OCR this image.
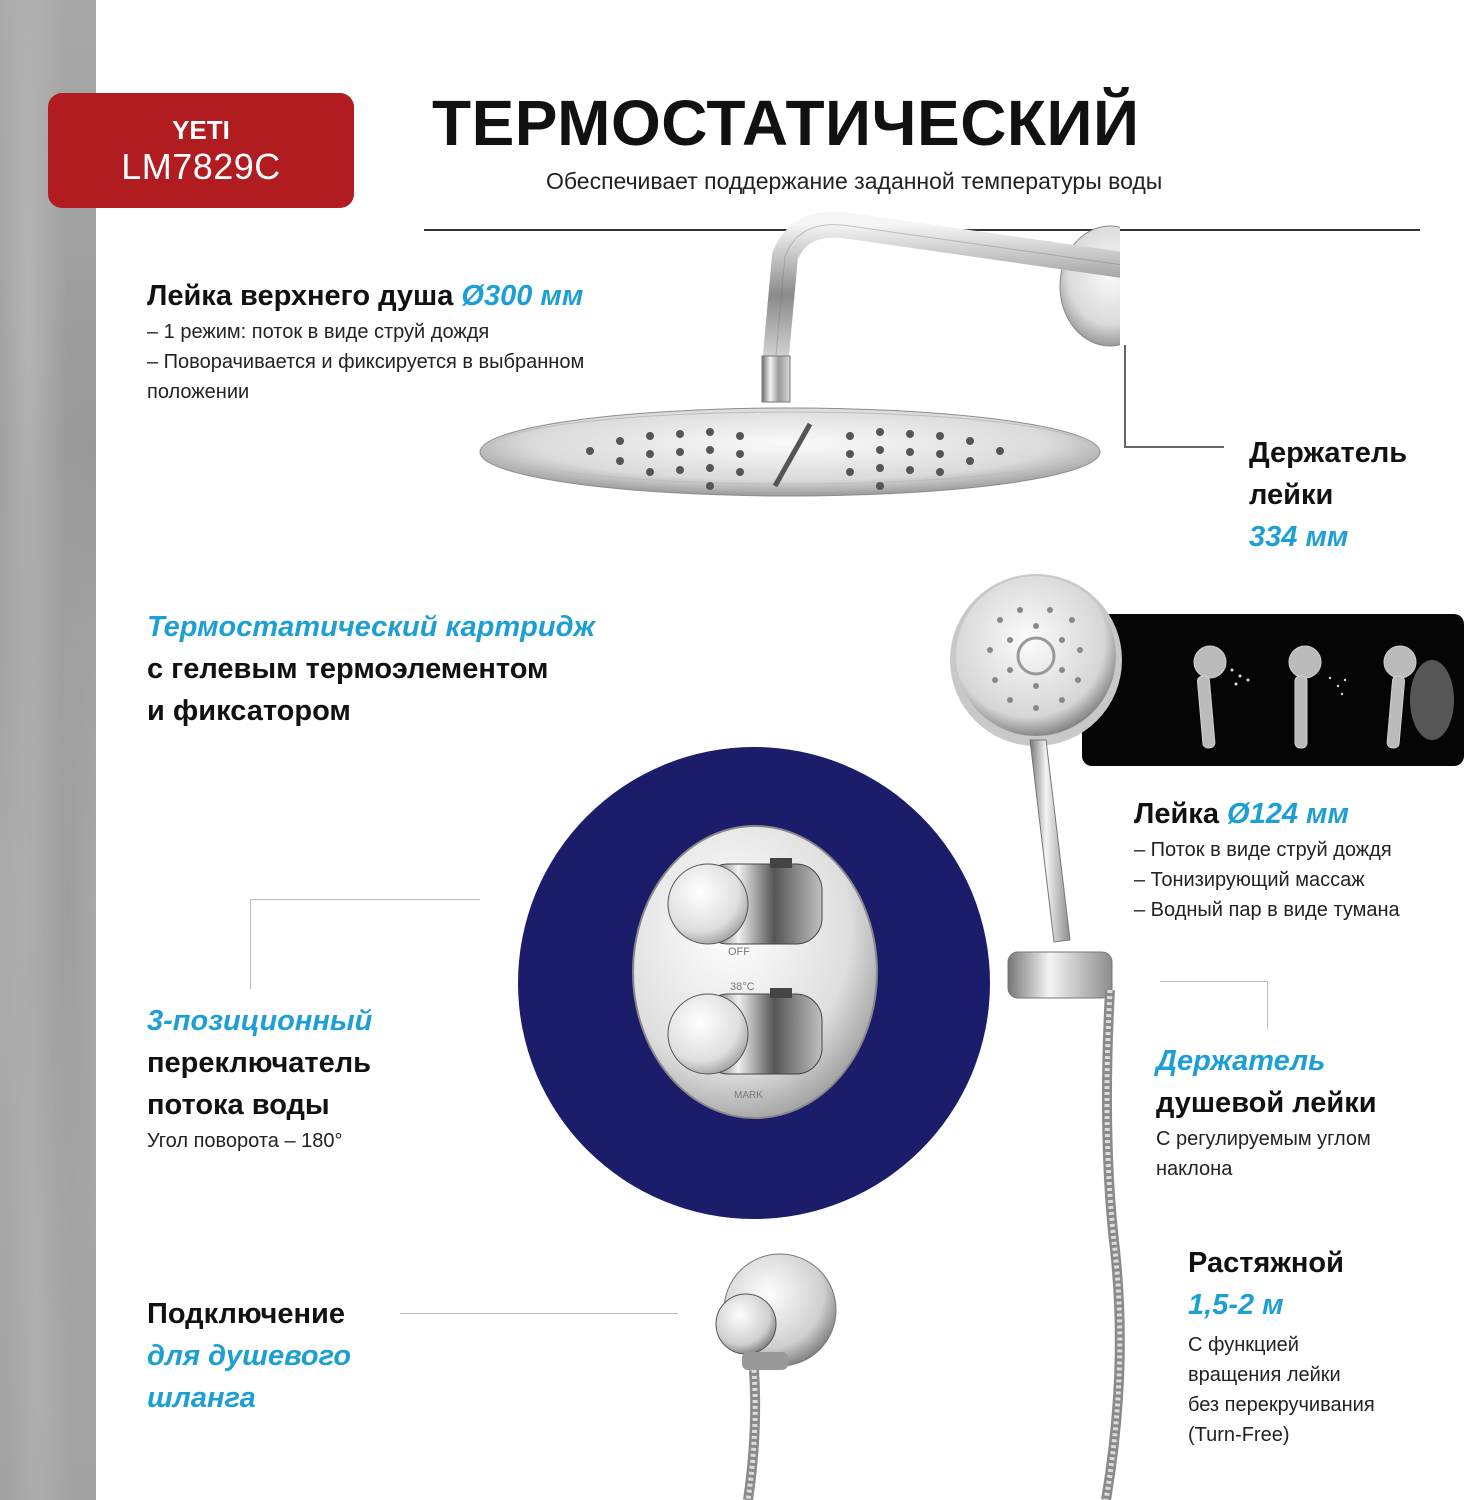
YETI
LM7829C
ТЕРМОСТАТИЧЕСКИЙ
Обеспечивает поддержание заданной температуры воды
Лейка верхнего душа Ø300 мм
– 1 режим: поток в виде струй дождя
– Поворачивается и фиксируется в выбранном
положении
Держатель
лейки
334 мм
Термостатический картридж
с гелевым термоэлементом
и фиксатором
Лейка Ø124 мм
– Поток в виде струй дождя
– Тонизирующий массаж
– Водный пар в виде тумана
OFF
38°C
MARK
3-позиционный
переключатель
потока воды
Угол поворота – 180°
Держатель
душевой лейки
С регулируемым углом
наклона
Растяжной
1,5-2 м
С функцией
вращения лейки
без перекручивания
(Turn-Free)
Подключение
для душевого
шланга
